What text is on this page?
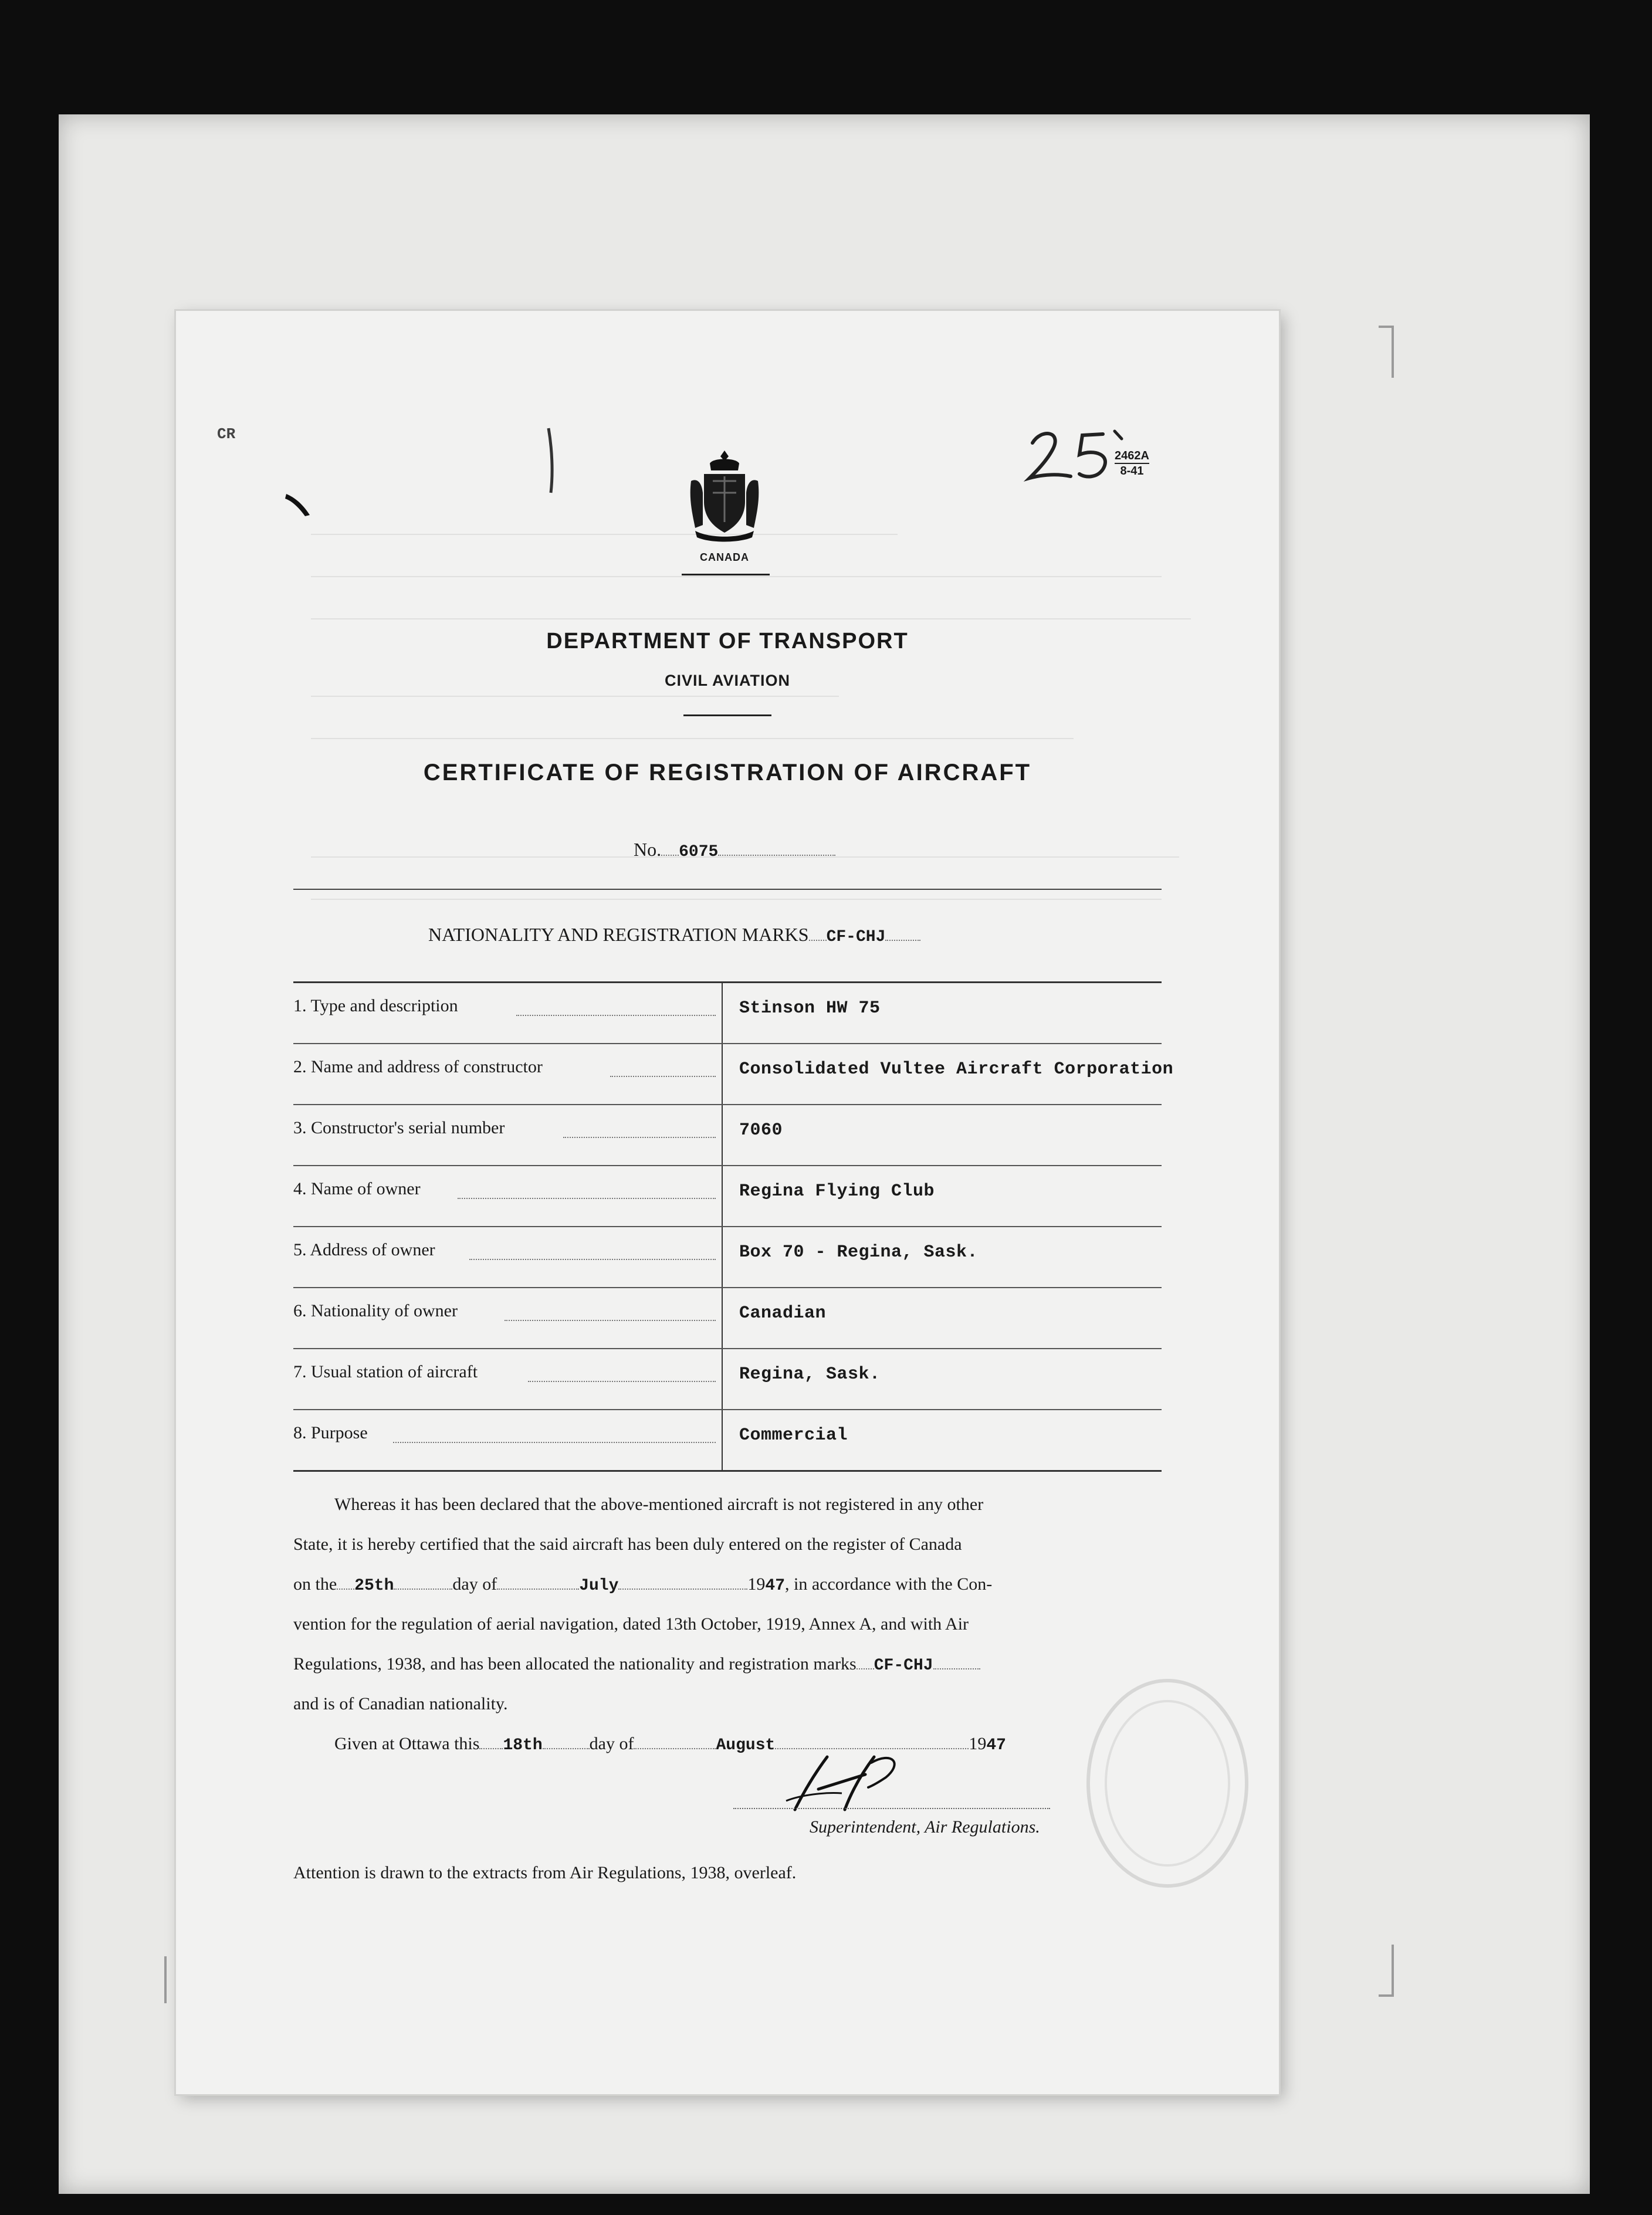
CR
2462A
8-41
CANADA
DEPARTMENT OF TRANSPORT
CIVIL AVIATION
CERTIFICATE OF REGISTRATION OF AIRCRAFT
No. 6075
NATIONALITY AND REGISTRATION MARKS CF-CHJ
1. Type and description	Stinson HW 75
2. Name and address of constructor	Consolidated Vultee Aircraft Corporation
3. Constructor's serial number	7060
4. Name of owner	Regina Flying Club
5. Address of owner	Box 70 - Regina, Sask.
6. Nationality of owner	Canadian
7. Usual station of aircraft	Regina, Sask.
8. Purpose	Commercial
Whereas it has been declared that the above-mentioned aircraft is not registered in any other
State, it is hereby certified that the said aircraft has been duly entered on the register of Canada
on the 25th	day of	July	1947, in accordance with the Con-
vention for the regulation of aerial navigation, dated 13th October, 1919, Annex A, and with Air
Regulations, 1938, and has been allocated the nationality and registration marks CF-CHJ
and is of Canadian nationality.
Given at Ottawa this 18th	day of	August	1947
Superintendent, Air Regulations.
Attention is drawn to the extracts from Air Regulations, 1938, overleaf.
